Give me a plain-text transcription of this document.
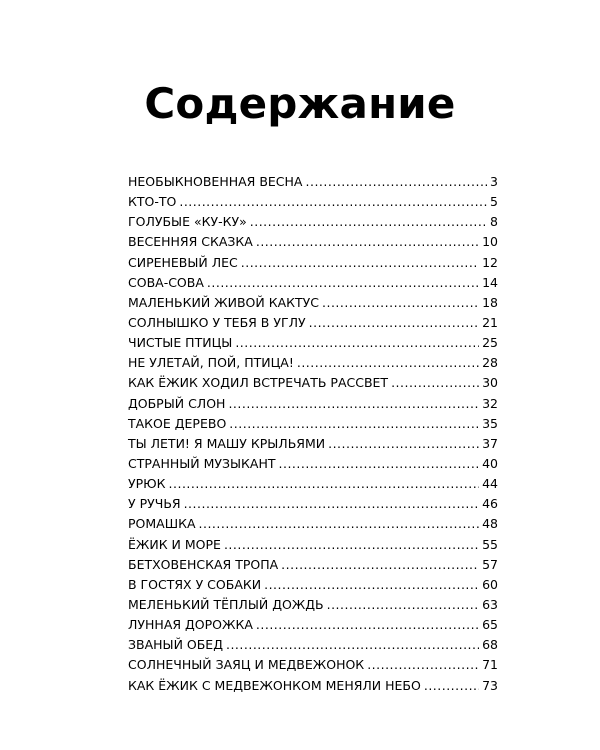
Содержание
НЕОБЫКНОВЕННАЯ ВЕСНА .....	3
КТО-ТО .....	5
ГОЛУБЫЕ «КУ-КУ» .....	8
ВЕСЕННЯЯ СКАЗКА .....	10
СИРЕНЕВЫЙ ЛЕС .....	12
СОВА-СОВА .....	14
МАЛЕНЬКИЙ ЖИВОЙ КАКТУС .....	18
СОЛНЫШКО У ТЕБЯ В УГЛУ .....	21
ЧИСТЫЕ ПТИЦЫ .....	25
НЕ УЛЕТАЙ, ПОЙ, ПТИЦА! .....	28
КАК ЁЖИК ХОДИЛ ВСТРЕЧАТЬ РАССВЕТ .....	30
ДОБРЫЙ СЛОН .....	32
ТАКОЕ ДЕРЕВО .....	35
ТЫ ЛЕТИ! Я МАШУ КРЫЛЬЯМИ .....	37
СТРАННЫЙ МУЗЫКАНТ .....	40
УРЮК .....	44
У РУЧЬЯ .....	46
РОМАШКА .....	48
ЁЖИК И МОРЕ .....	55
БЕТХОВЕНСКАЯ ТРОПА .....	57
В ГОСТЯХ У СОБАКИ .....	60
МЕЛЕНЬКИЙ ТЁПЛЫЙ ДОЖДЬ .....	63
ЛУННАЯ ДОРОЖКА .....	65
ЗВАНЫЙ ОБЕД .....	68
СОЛНЕЧНЫЙ ЗАЯЦ И МЕДВЕЖОНОК .....	71
КАК ЁЖИК С МЕДВЕЖОНКОМ МЕНЯЛИ НЕБО .....	73
